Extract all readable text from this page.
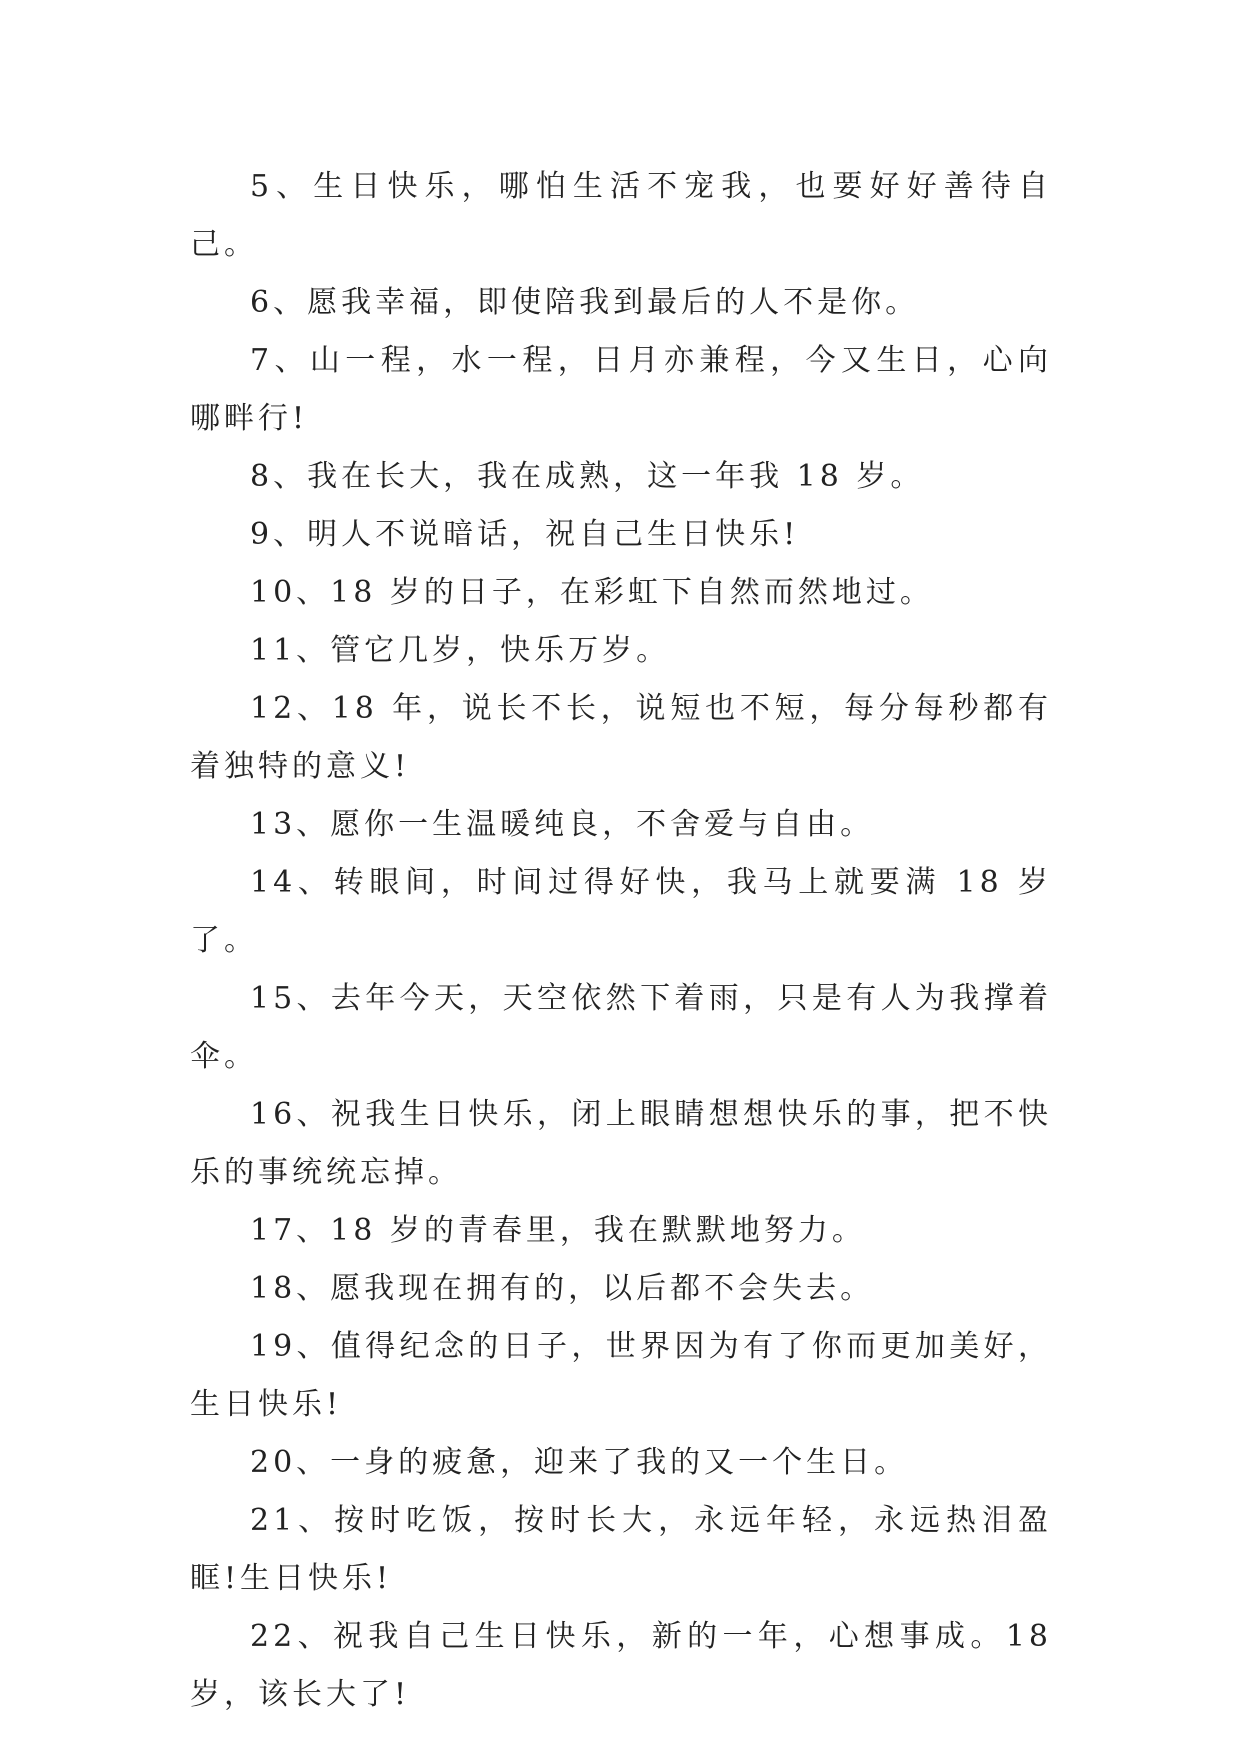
5、生日快乐，哪怕生活不宠我，也要好好善待自己。

6、愿我幸福，即使陪我到最后的人不是你。

7、山一程，水一程，日月亦兼程，今又生日，心向哪畔行!

8、我在长大，我在成熟，这一年我 18 岁。

9、明人不说暗话，祝自己生日快乐!

10、18 岁的日子，在彩虹下自然而然地过。

11、管它几岁，快乐万岁。

12、18 年，说长不长，说短也不短，每分每秒都有着独特的意义!

13、愿你一生温暖纯良，不舍爱与自由。

14、转眼间，时间过得好快，我马上就要满 18 岁了。

15、去年今天，天空依然下着雨，只是有人为我撑着伞。

16、祝我生日快乐，闭上眼睛想想快乐的事，把不快乐的事统统忘掉。

17、18 岁的青春里，我在默默地努力。

18、愿我现在拥有的，以后都不会失去。

19、值得纪念的日子，世界因为有了你而更加美好，生日快乐!

20、一身的疲惫，迎来了我的又一个生日。

21、按时吃饭，按时长大，永远年轻，永远热泪盈眶!生日快乐!

22、祝我自己生日快乐，新的一年，心想事成。18 岁，该长大了!
